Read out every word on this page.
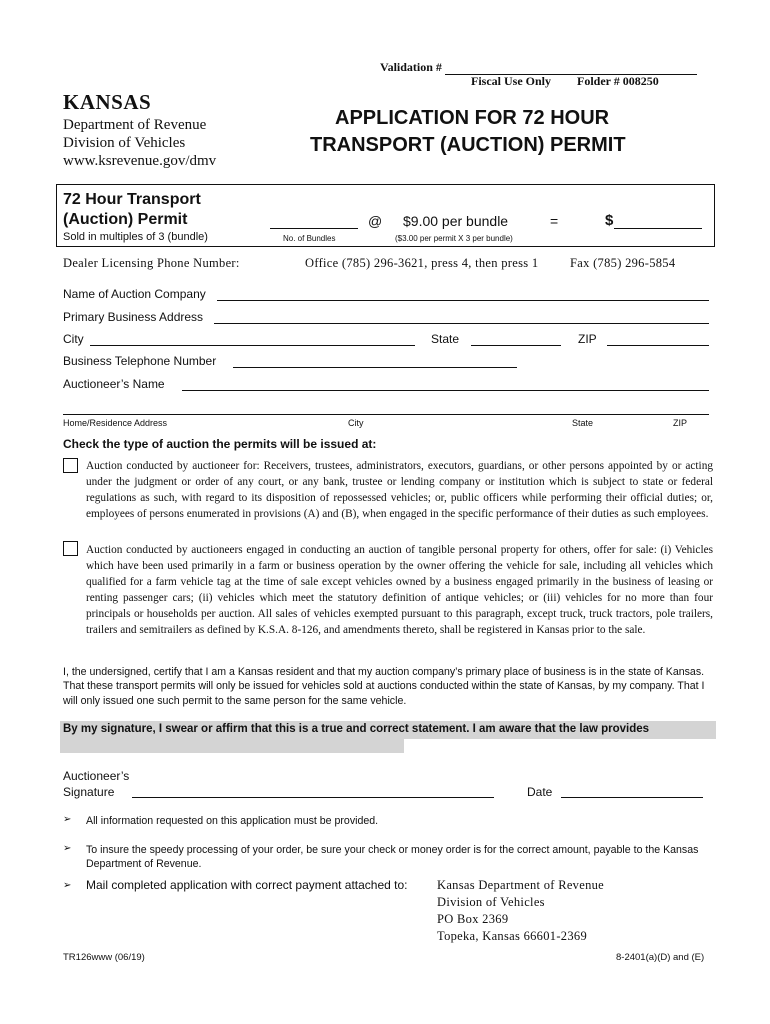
Validation #
Fiscal Use Only Folder # 008250
KANSAS
Department of Revenue
Division of Vehicles
www.ksrevenue.gov/dmv
APPLICATION FOR 72 HOUR
TRANSPORT (AUCTION) PERMIT
72 Hour Transport
(Auction) Permit
Sold in multiples of 3 (bundle)
@ $9.00 per bundle	=	$
No. of Bundles	($3.00 per permit X 3 per bundle)
Dealer Licensing Phone Number:	Office (785) 296-3621, press 4, then press 1	Fax (785) 296-5854
Name of Auction Company
Primary Business Address
City	State	ZIP
Business Telephone Number
Auctioneer’s Name
Home/Residence Address	City	State	ZIP
Check the type of auction the permits will be issued at:
Auction conducted by auctioneer for: Receivers, trustees, administrators, executors, guardians, or other persons appointed by or acting under the judgment or order of any court, or any bank, trustee or lending company or institution which is subject to state or federal regulations as such, with regard to its disposition of repossessed vehicles; or, public officers while performing their official duties; or, employees of persons enumerated in provisions (A) and (B), when engaged in the specific performance of their duties as such employees.
Auction conducted by auctioneers engaged in conducting an auction of tangible personal property for others, offer for sale: (i) Vehicles which have been used primarily in a farm or business operation by the owner offering the vehicle for sale, including all vehicles which qualified for a farm vehicle tag at the time of sale except vehicles owned by a business engaged primarily in the business of leasing or renting passenger cars; (ii) vehicles which meet the statutory definition of antique vehicles; or (iii) vehicles for no more than four principals or households per auction. All sales of vehicles exempted pursuant to this paragraph, except truck, truck tractors, pole trailers, trailers and semitrailers as defined by K.S.A. 8-126, and amendments thereto, shall be registered in Kansas prior to the sale.
I, the undersigned, certify that I am a Kansas resident and that my auction company’s primary place of business is in the state of Kansas. That these transport permits will only be issued for vehicles sold at auctions conducted within the state of Kansas, by my company. That I will only issued one such permit to the same person for the same vehicle.
By my signature, I swear or affirm that this is a true and correct statement. I am aware that the law provides
Auctioneer’s
Signature	Date
➢ All information requested on this application must be provided.
➢ To insure the speedy processing of your order, be sure your check or money order is for the correct amount, payable to the Kansas Department of Revenue.
➢ Mail completed application with correct payment attached to: Kansas Department of Revenue
Division of Vehicles
PO Box 2369
Topeka, Kansas 66601-2369
TR126www (06/19)	8-2401(a)(D) and (E)
